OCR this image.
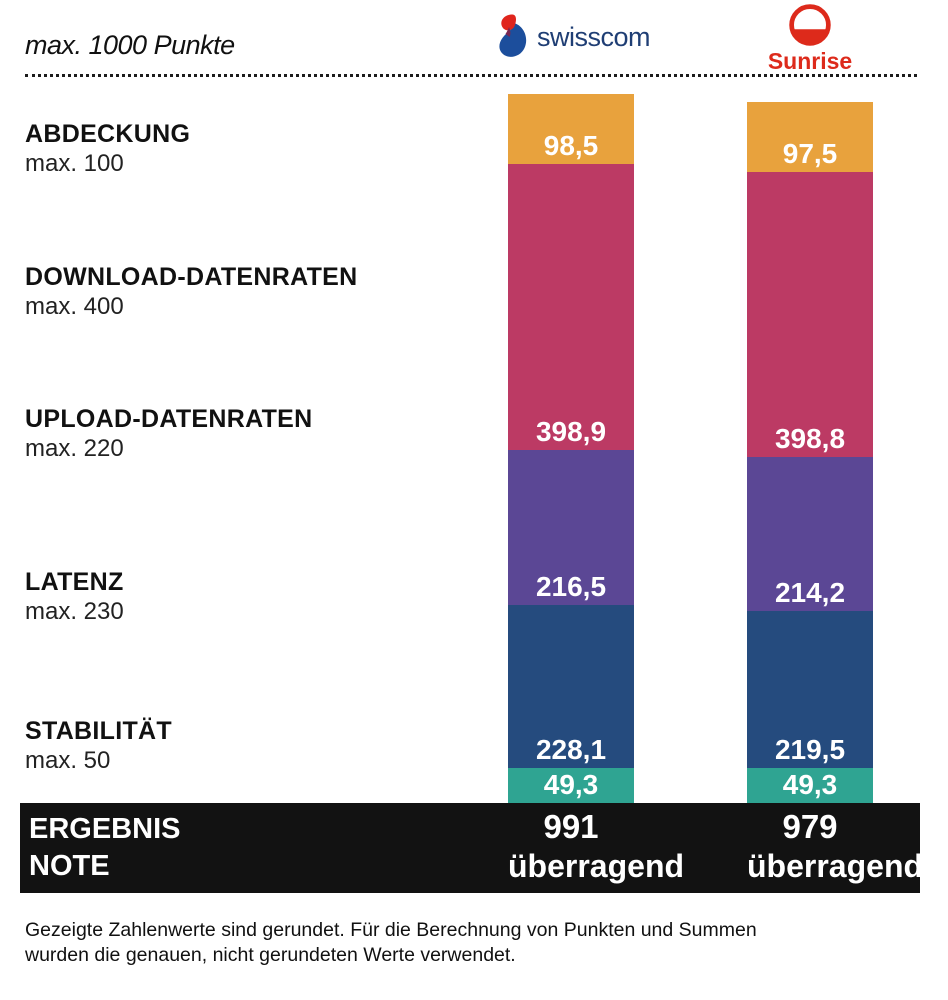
max. 1000 Punkte	swisscom
Sunrise
ABDECKUNG
max. 100
DOWNLOAD-DATENRATEN
max. 400
UPLOAD-DATENRATEN
max. 220
LATENZ
max. 230
STABILITÄT
max. 50
98,5
398,9
216,5
228,1
49,3
97,5
398,8
214,2
219,5
49,3
ERGEBNIS
NOTE
991
überragend
979
überragend
Gezeigte Zahlenwerte sind gerundet. Für die Berechnung von Punkten und Summen
wurden die genauen, nicht gerundeten Werte verwendet.
